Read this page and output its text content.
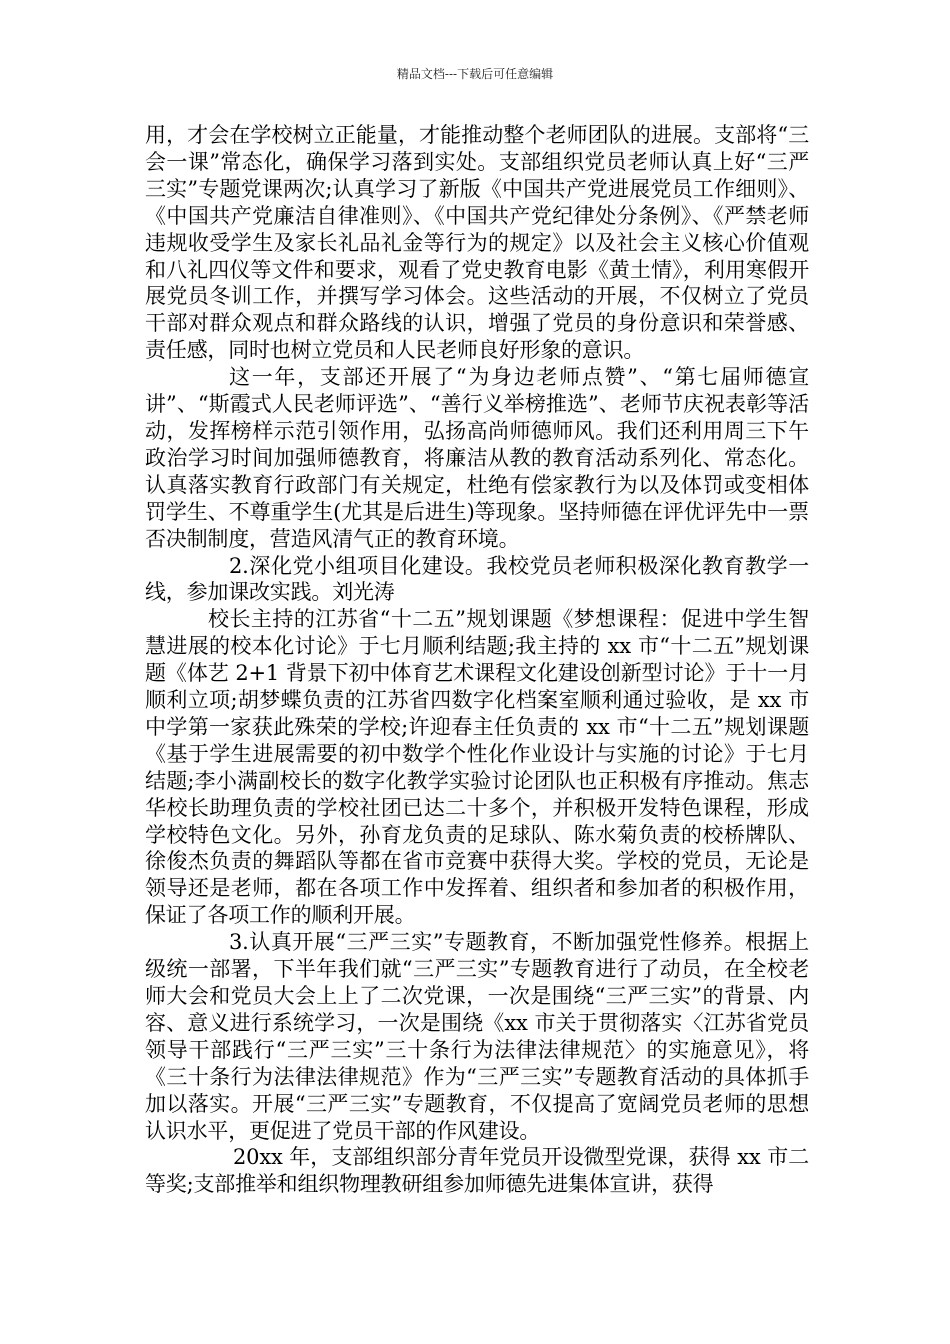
精品文档---下载后可任意编辑

用，才会在学校树立正能量，才能推动整个老师团队的进展。支部将“三会一课”常态化，确保学习落到实处。支部组织党员老师认真上好“三严三实”专题党课两次;认真学习了新版《中国共产党进展党员工作细则》、《中国共产党廉洁自律准则》、《中国共产党纪律处分条例》、《严禁老师违规收受学生及家长礼品礼金等行为的规定》以及社会主义核心价值观和八礼四仪等文件和要求，观看了党史教育电影《黄土情》，利用寒假开展党员冬训工作，并撰写学习体会。这些活动的开展，不仅树立了党员干部对群众观点和群众路线的认识，增强了党员的身份意识和荣誉感、责任感，同时也树立党员和人民老师良好形象的意识。

这一年，支部还开展了“为身边老师点赞”、“第七届师德宣讲”、“斯霞式人民老师评选”、“善行义举榜推选”、老师节庆祝表彰等活动，发挥榜样示范引领作用，弘扬高尚师德师风。我们还利用周三下午政治学习时间加强师德教育，将廉洁从教的教育活动系列化、常态化。认真落实教育行政部门有关规定，杜绝有偿家教行为以及体罚或变相体罚学生、不尊重学生(尤其是后进生)等现象。坚持师德在评优评先中一票否决制制度，营造风清气正的教育环境。

2.深化党小组项目化建设。我校党员老师积极深化教育教学一线，参加课改实践。刘光涛

校长主持的江苏省“十二五”规划课题《梦想课程：促进中学生智慧进展的校本化讨论》于七月顺利结题;我主持的 xx 市“十二五”规划课题《体艺 2+1 背景下初中体育艺术课程文化建设创新型讨论》于十一月顺利立项;胡梦蝶负责的江苏省四数字化档案室顺利通过验收，是 xx 市中学第一家获此殊荣的学校;许迎春主任负责的 xx 市“十二五”规划课题《基于学生进展需要的初中数学个性化作业设计与实施的讨论》于七月结题;李小满副校长的数字化教学实验讨论团队也正积极有序推动。焦志华校长助理负责的学校社团已达二十多个，并积极开发特色课程，形成学校特色文化。另外，孙育龙负责的足球队、陈水菊负责的校桥牌队、徐俊杰负责的舞蹈队等都在省市竞赛中获得大奖。学校的党员，无论是领导还是老师，都在各项工作中发挥着、组织者和参加者的积极作用，保证了各项工作的顺利开展。

3.认真开展“三严三实”专题教育，不断加强党性修养。根据上级统一部署，下半年我们就“三严三实”专题教育进行了动员，在全校老师大会和党员大会上上了二次党课，一次是围绕“三严三实”的背景、内容、意义进行系统学习，一次是围绕《xx 市关于贯彻落实〈江苏省党员领导干部践行“三严三实”三十条行为法律法律规范〉的实施意见》，将《三十条行为法律法律规范》作为“三严三实”专题教育活动的具体抓手加以落实。开展“三严三实”专题教育，不仅提高了宽阔党员老师的思想认识水平，更促进了党员干部的作风建设。

20xx 年，支部组织部分青年党员开设微型党课，获得 xx 市二等奖;支部推举和组织物理教研组参加师德先进集体宣讲，获得
